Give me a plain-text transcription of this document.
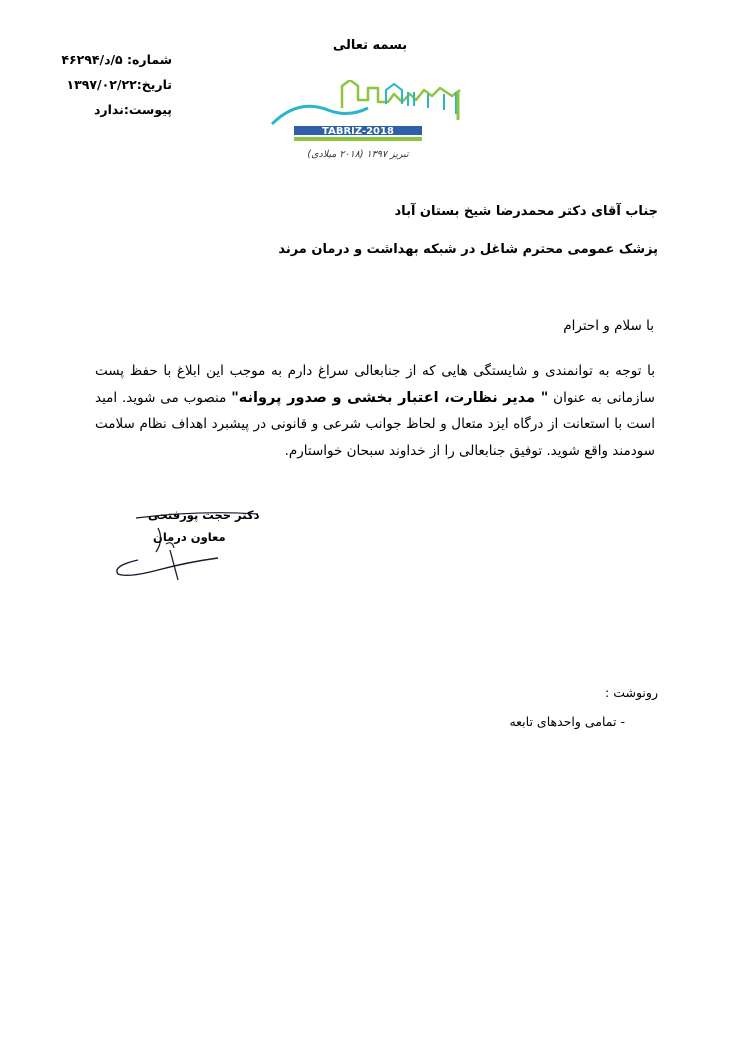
بسمه تعالی
شماره: ۵/د/۴۶۲۹۴
تاریخ:۱۳۹۷/۰۲/۲۲
پیوست:ندارد
TABRIZ-2018
تبریز ۱۳۹۷ (۲۰۱۸ میلادی)
جناب آقای دکتر محمدرضا شیخ بستان آباد
پزشک عمومی محترم شاغل در شبکه بهداشت و درمان مرند
با سلام و احترام
با توجه به توانمندی و شایستگی هایی که از جنابعالی سراغ دارم به موجب این ابلاغ با حفظ پست سازمانی به عنوان " مدیر نظارت، اعتبار بخشی و صدور پروانه" منصوب می شوید. امید است با استعانت از درگاه ایزد متعال و لحاظ جوانب شرعی و قانونی در پیشبرد اهداف نظام سلامت سودمند واقع شوید. توفیق جنابعالی را از خداوند سبحان خواستارم.
دکتر حجت پورفتحی
معاون درمان
رونوشت :
- تمامی واحدهای تابعه
